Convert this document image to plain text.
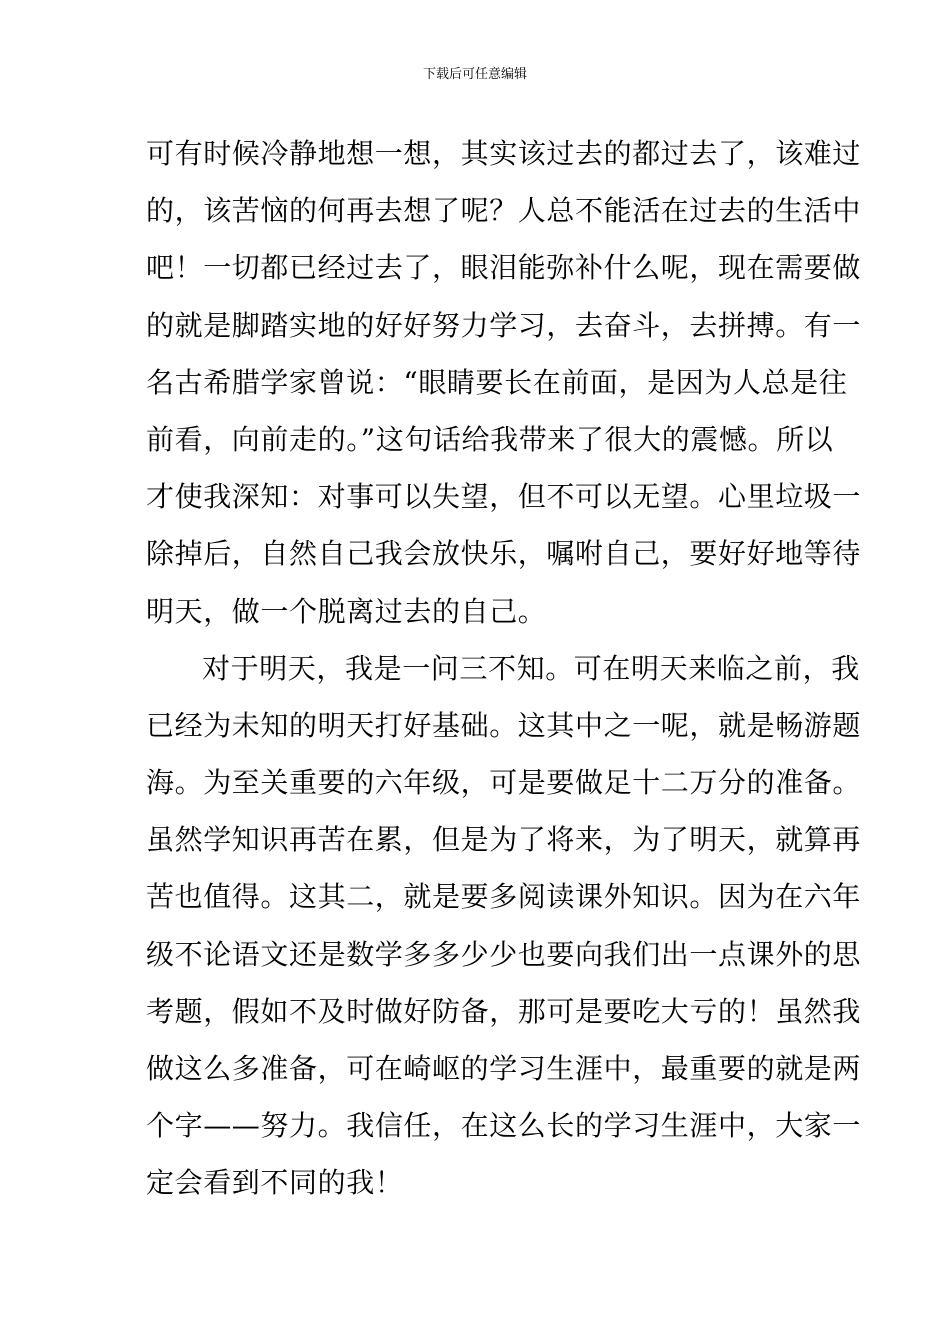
下载后可任意编辑
可有时候冷静地想一想，其实该过去的都过去了，该难过
的，该苦恼的何再去想了呢？人总不能活在过去的生活中
吧！一切都已经过去了，眼泪能弥补什么呢，现在需要做
的就是脚踏实地的好好努力学习，去奋斗，去拼搏。有一
名古希腊学家曾说：“眼睛要长在前面，是因为人总是往
前看，向前走的。”这句话给我带来了很大的震憾。所以
才使我深知：对事可以失望，但不可以无望。心里垃圾一
除掉后，自然自己我会放快乐，嘱咐自己，要好好地等待
明天，做一个脱离过去的自己。
对于明天，我是一问三不知。可在明天来临之前，我
已经为未知的明天打好基础。这其中之一呢，就是畅游题
海。为至关重要的六年级，可是要做足十二万分的准备。
虽然学知识再苦在累，但是为了将来，为了明天，就算再
苦也值得。这其二，就是要多阅读课外知识。因为在六年
级不论语文还是数学多多少少也要向我们出一点课外的思
考题，假如不及时做好防备，那可是要吃大亏的！虽然我
做这么多准备，可在崎岖的学习生涯中，最重要的就是两
个字——努力。我信任，在这么长的学习生涯中，大家一
定会看到不同的我！
